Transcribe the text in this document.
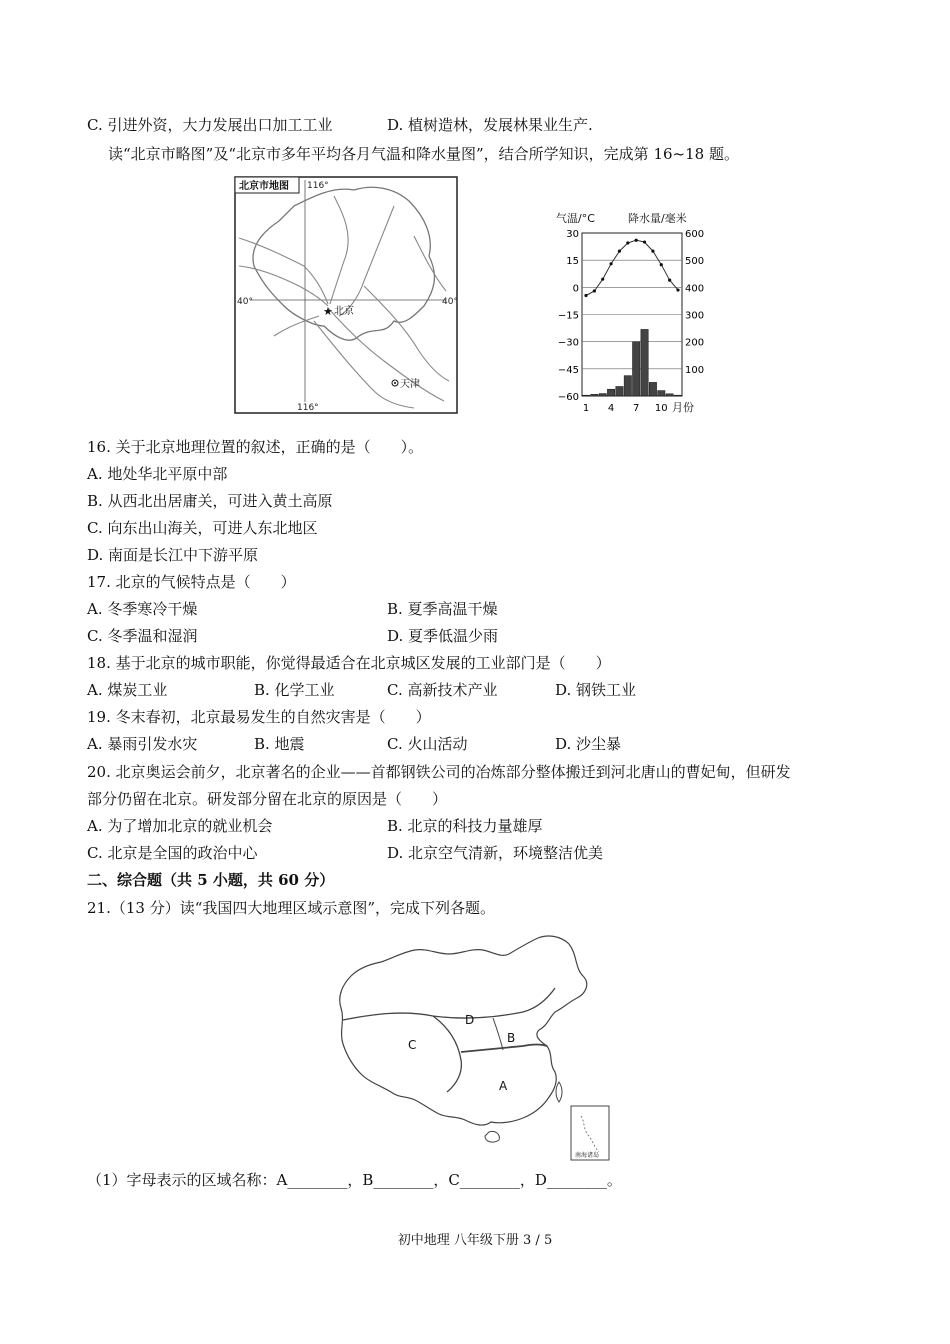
C. 引进外资，大力发展出口加工工业	D. 植树造林，发展林果业生产.
读“北京市略图”及“北京市多年平均各月气温和降水量图”，结合所学知识，完成第 16~18 题。
北京市地图 116°
116°
40°	40°
★ 北京
天津
气温/°C	降水量/毫米
30
15
0
−15
−30
−45
−60
600
500
400
300
200
100
1 4 7 10 月份
16. 关于北京地理位置的叙述，正确的是（　　）。
A. 地处华北平原中部
B. 从西北出居庸关，可进入黄土高原
C. 向东出山海关，可进人东北地区
D. 南面是长江中下游平原
17. 北京的气候特点是（　　）
A. 冬季寒冷干燥	B. 夏季高温干燥
C. 冬季温和湿润	D. 夏季低温少雨
18. 基于北京的城市职能，你觉得最适合在北京城区发展的工业部门是（　　）
A. 煤炭工业	B. 化学工业	C. 高新技术产业	D. 钢铁工业
19. 冬末春初，北京最易发生的自然灾害是（　　）
A. 暴雨引发水灾	B. 地震	C. 火山活动	D. 沙尘暴
20. 北京奥运会前夕，北京著名的企业——首都钢铁公司的冶炼部分整体搬迁到河北唐山的曹妃甸，但研发
部分仍留在北京。研发部分留在北京的原因是（　　）
A. 为了增加北京的就业机会	B. 北京的科技力量雄厚
C. 北京是全国的政治中心	D. 北京空气清新，环境整洁优美
二、综合题（共 5 小题，共 60 分）
21.（13 分）读“我国四大地理区域示意图”，完成下列各题。
A
B
C
D
南海诸岛
（1）字母表示的区域名称：A________，B________，C________，D________。
初中地理 八年级下册 3 / 5
